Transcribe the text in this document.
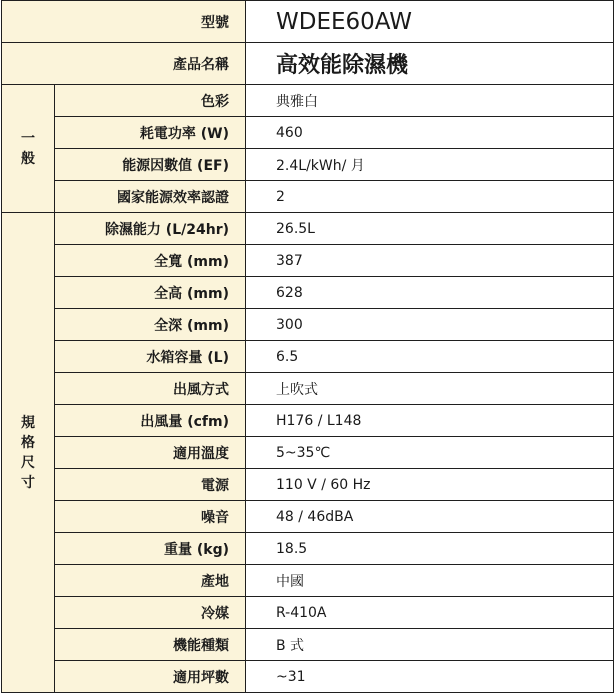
型號		WDEE60AW
產品名稱		高效能除濕機
一般	色彩	典雅白
	耗電功率 (W)	460
	能源因數值 (EF)	2.4L/kWh/ 月
	國家能源效率認證	2
規格尺寸	除濕能力 (L/24hr)	26.5L
	全寬 (mm)	387
	全高 (mm)	628
	全深 (mm)	300
	水箱容量 (L)	6.5
	出風方式	上吹式
	出風量 (cfm)	H176 / L148
	適用溫度	5~35℃
	電源	110 V / 60 Hz
	噪音	48 / 46dBA
	重量 (kg)	18.5
	產地	中國
	冷媒	R-410A
	機能種類	B 式
	適用坪數	~31
